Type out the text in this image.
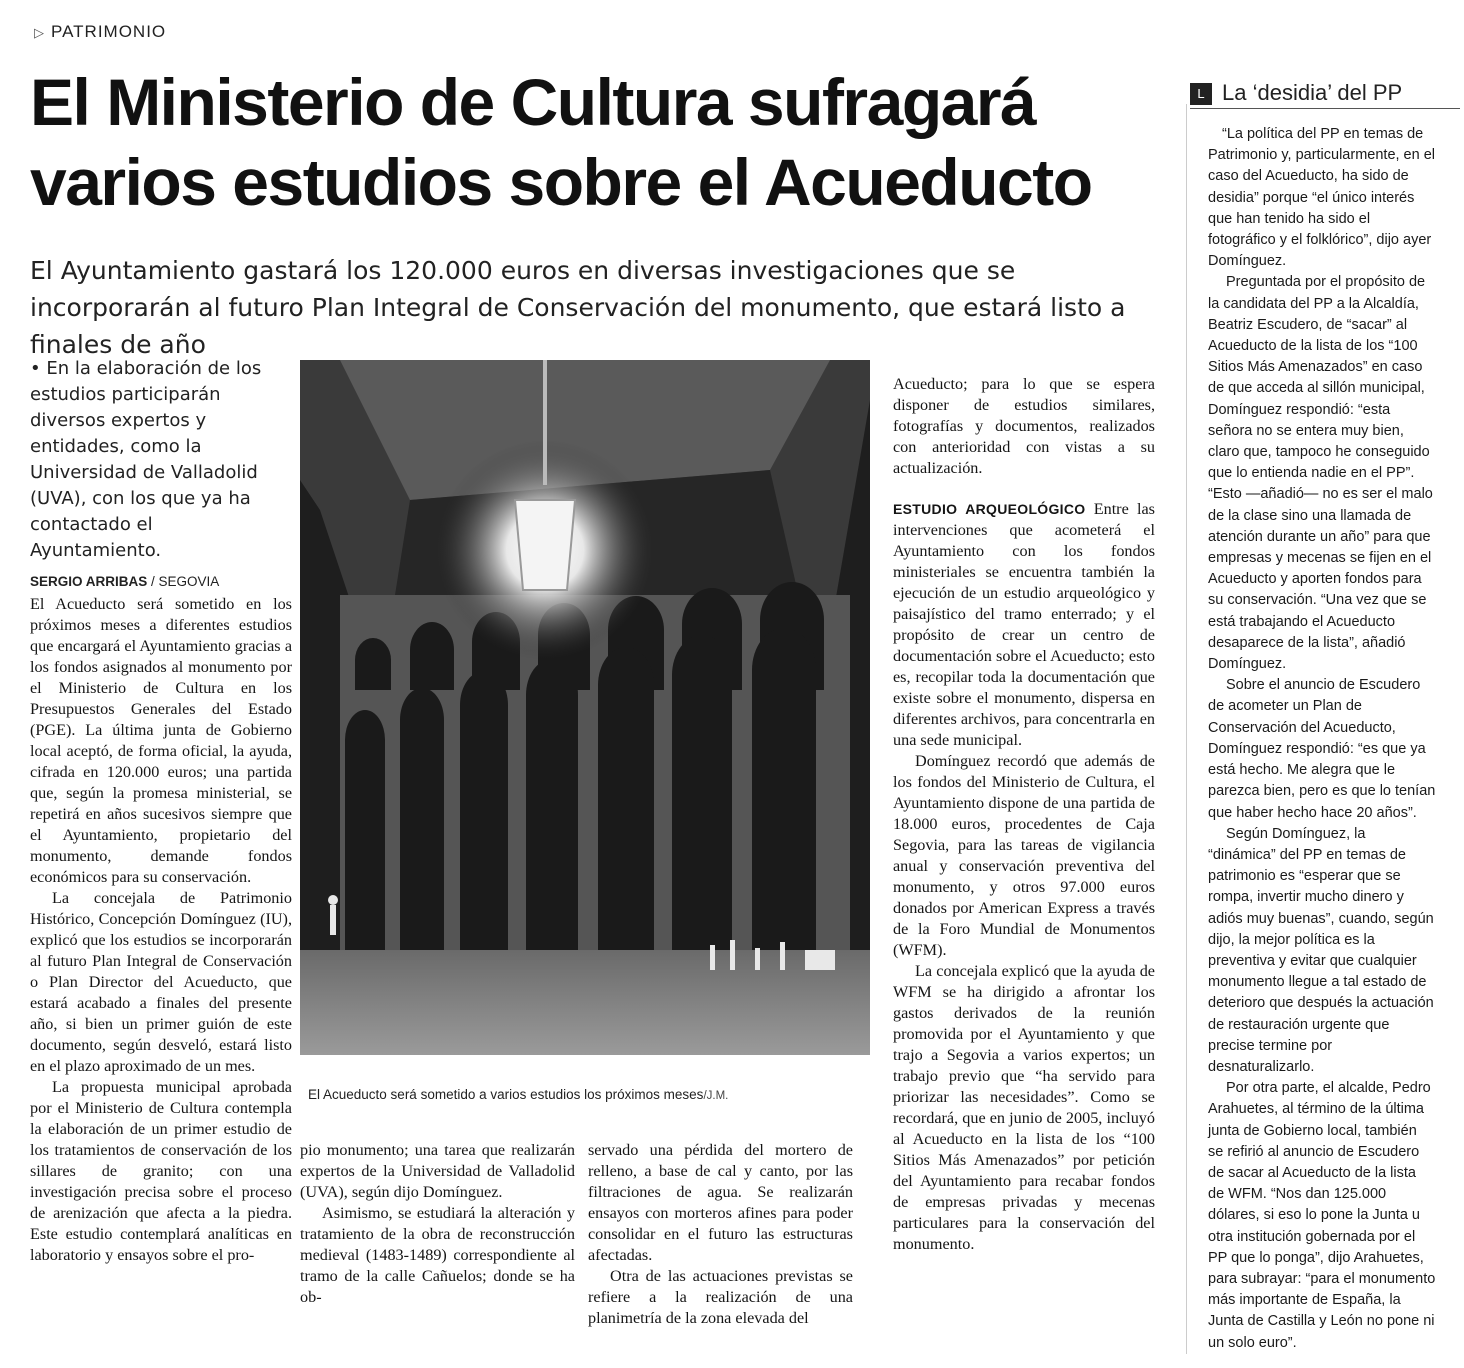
▷ PATRIMONIO
El Ministerio de Cultura sufragará varios estudios sobre el Acueducto
El Ayuntamiento gastará los 120.000 euros en diversas investigaciones que se incorporarán al futuro Plan Integral de Conservación del monumento, que estará listo a finales de año
• En la elaboración de los estudios participarán diversos expertos y entidades, como la Universidad de Valladolid (UVA), con los que ya ha contactado el Ayuntamiento.
SERGIO ARRIBAS / SEGOVIA

El Acueducto será sometido en los próximos meses a diferentes estudios que encargará el Ayuntamiento gracias a los fondos asignados al monumento por el Ministerio de Cultura en los Presupuestos Generales del Estado (PGE). La última junta de Gobierno local aceptó, de forma oficial, la ayuda, cifrada en 120.000 euros; una partida que, según la promesa ministerial, se repetirá en años sucesivos siempre que el Ayuntamiento, propietario del monumento, demande fondos económicos para su conservación.

La concejala de Patrimonio Histórico, Concepción Domínguez (IU), explicó que los estudios se incorporarán al futuro Plan Integral de Conservación o Plan Director del Acueducto, que estará acabado a finales del presente año, si bien un primer guión de este documento, según desveló, estará listo en el plazo aproximado de un mes.

La propuesta municipal aprobada por el Ministerio de Cultura contempla la elaboración de un primer estudio de los tratamientos de conservación de los sillares de granito; con una investigación precisa sobre el proceso de arenización que afecta a la piedra. Este estudio contemplará analíticas en laboratorio y ensayos sobre el pro-

El Acueducto será sometido a varios estudios los próximos meses/J.M.

pio monumento; una tarea que realizarán expertos de la Universidad de Valladolid (UVA), según dijo Domínguez.

Asimismo, se estudiará la alteración y tratamiento de la obra de reconstrucción medieval (1483-1489) correspondiente al tramo de la calle Cañuelos; donde se ha ob-

servado una pérdida del mortero de relleno, a base de cal y canto, por las filtraciones de agua. Se realizarán ensayos con morteros afines para poder consolidar en el futuro las estructuras afectadas.

Otra de las actuaciones previstas se refiere a la realización de una planimetría de la zona elevada del

Acueducto; para lo que se espera disponer de estudios similares, fotografías y documentos, realizados con anterioridad con vistas a su actualización.

ESTUDIO ARQUEOLÓGICO Entre las intervenciones que acometerá el Ayuntamiento con los fondos ministeriales se encuentra también la ejecución de un estudio arqueológico y paisajístico del tramo enterrado; y el propósito de crear un centro de documentación sobre el Acueducto; esto es, recopilar toda la documentación que existe sobre el monumento, dispersa en diferentes archivos, para concentrarla en una sede municipal.

Domínguez recordó que además de los fondos del Ministerio de Cultura, el Ayuntamiento dispone de una partida de 18.000 euros, procedentes de Caja Segovia, para las tareas de vigilancia anual y conservación preventiva del monumento, y otros 97.000 euros donados por American Express a través de la Foro Mundial de Monumentos (WFM).

La concejala explicó que la ayuda de WFM se ha dirigido a afrontar los gastos derivados de la reunión promovida por el Ayuntamiento y que trajo a Segovia a varios expertos; un trabajo previo que “ha servido para priorizar las necesidades”. Como se recordará, que en junio de 2005, incluyó al Acueducto en la lista de los “100 Sitios Más Amenazados” por petición del Ayuntamiento para recabar fondos de empresas privadas y mecenas particulares para la conservación del monumento.

L La ‘desidia’ del PP

“La política del PP en temas de Patrimonio y, particularmente, en el caso del Acueducto, ha sido de desidia” porque “el único interés que han tenido ha sido el fotográfico y el folklórico”, dijo ayer Domínguez.

Preguntada por el propósito de la candidata del PP a la Alcaldía, Beatriz Escudero, de “sacar” al Acueducto de la lista de los “100 Sitios Más Amenazados” en caso de que acceda al sillón municipal, Domínguez respondió: “esta señora no se entera muy bien, claro que, tampoco he conseguido que lo entienda nadie en el PP”. “Esto —añadió— no es ser el malo de la clase sino una llamada de atención durante un año” para que empresas y mecenas se fijen en el Acueducto y aporten fondos para su conservación. “Una vez que se está trabajando el Acueducto desaparece de la lista”, añadió Domínguez.

Sobre el anuncio de Escudero de acometer un Plan de Conservación del Acueducto, Domínguez respondió: “es que ya está hecho. Me alegra que le parezca bien, pero es que lo tenían que haber hecho hace 20 años”.

Según Domínguez, la “dinámica” del PP en temas de patrimonio es “esperar que se rompa, invertir mucho dinero y adiós muy buenas”, cuando, según dijo, la mejor política es la preventiva y evitar que cualquier monumento llegue a tal estado de deterioro que después la actuación de restauración urgente que precise termine por desnaturalizarlo.

Por otra parte, el alcalde, Pedro Arahuetes, al término de la última junta de Gobierno local, también se refirió al anuncio de Escudero de sacar al Acueducto de la lista de WFM. “Nos dan 125.000 dólares, si eso lo pone la Junta u otra institución gobernada por el PP que lo ponga”, dijo Arahuetes, para subrayar: “para el monumento más importante de España, la Junta de Castilla y León no pone ni un solo euro”.
